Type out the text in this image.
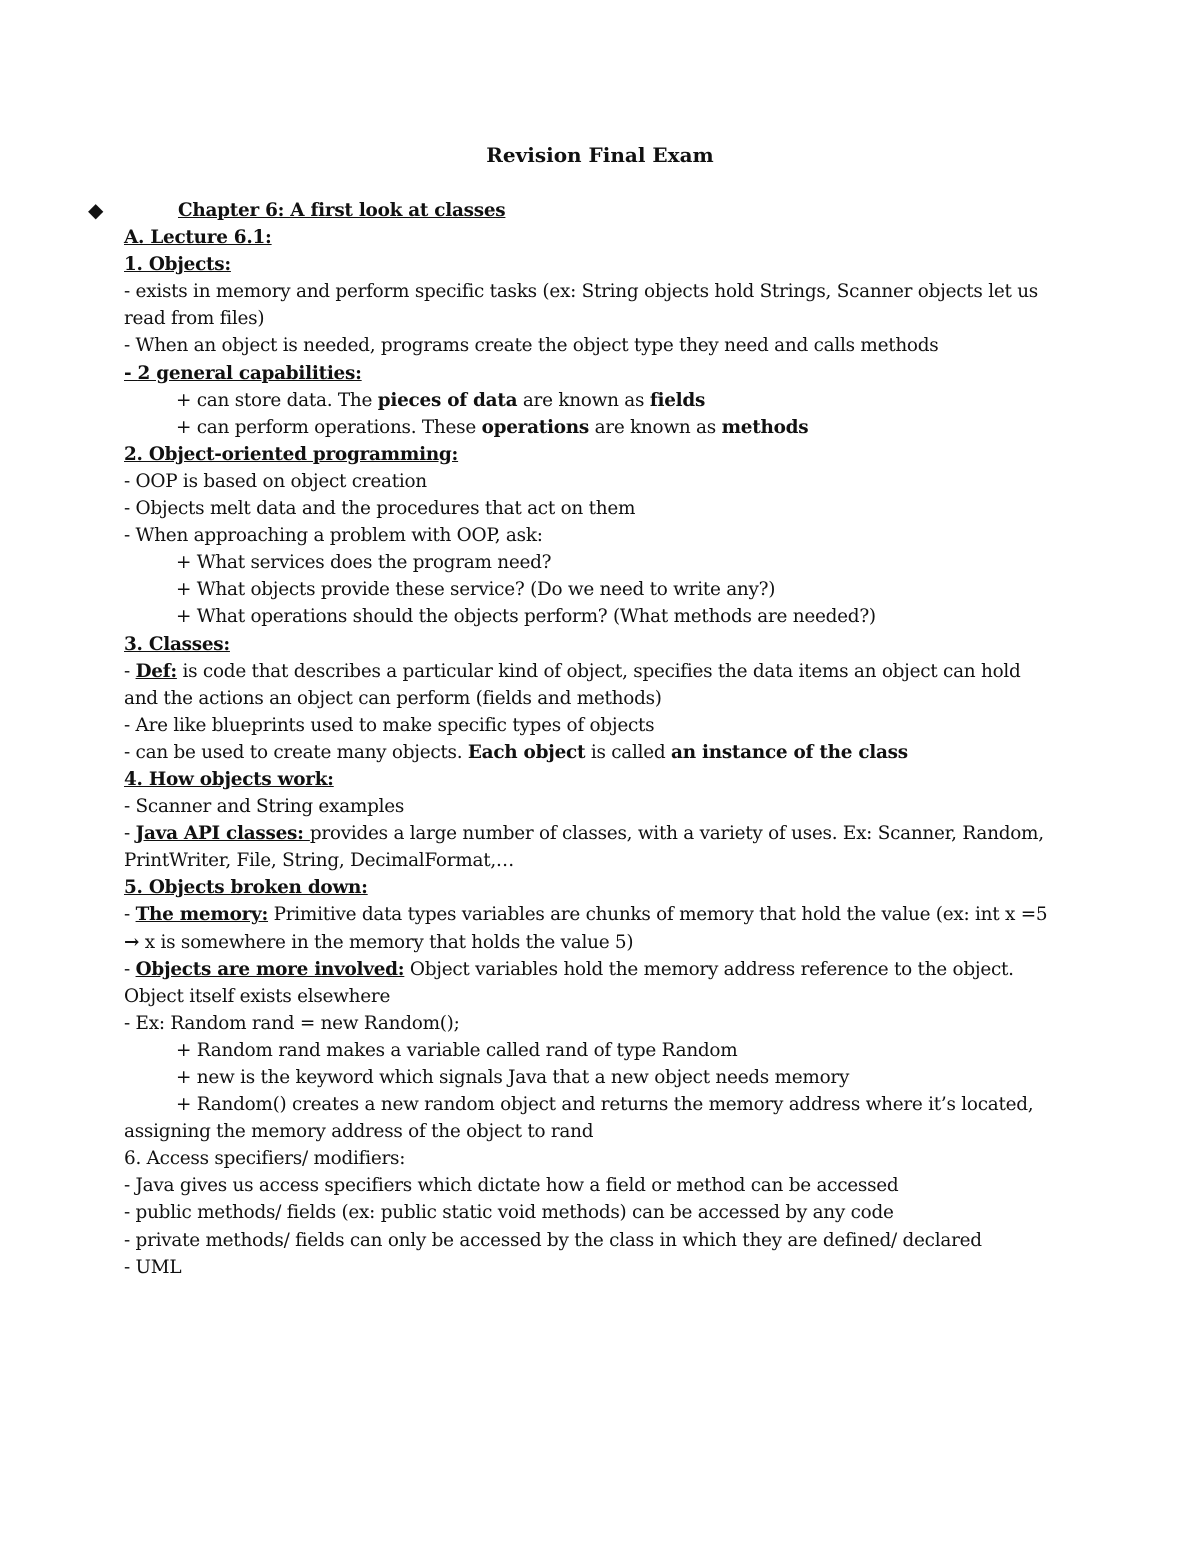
Revision Final Exam
◆	Chapter 6: A first look at classes

A. Lecture 6.1:

1. Objects:

- exists in memory and perform specific tasks (ex: String objects hold Strings, Scanner objects let us read from files)

- When an object is needed, programs create the object type they need and calls methods

- 2 general capabilities:

+ can store data. The pieces of data are known as fields

+ can perform operations. These operations are known as methods

2. Object-oriented programming:

- OOP is based on object creation

- Objects melt data and the procedures that act on them

- When approaching a problem with OOP, ask:

+ What services does the program need?

+ What objects provide these service? (Do we need to write any?)

+ What operations should the objects perform? (What methods are needed?)

3. Classes:

- Def: is code that describes a particular kind of object, specifies the data items an object can hold and the actions an object can perform (fields and methods)

- Are like blueprints used to make specific types of objects

- can be used to create many objects. Each object is called an instance of the class

4. How objects work:

- Scanner and String examples

- Java API classes: provides a large number of classes, with a variety of uses. Ex: Scanner, Random, PrintWriter, File, String, DecimalFormat,…

5. Objects broken down:

- The memory: Primitive data types variables are chunks of memory that hold the value (ex: int x =5 → x is somewhere in the memory that holds the value 5)

- Objects are more involved: Object variables hold the memory address reference to the object. Object itself exists elsewhere

- Ex: Random rand = new Random();

+ Random rand makes a variable called rand of type Random

+ new is the keyword which signals Java that a new object needs memory

+ Random() creates a new random object and returns the memory address where it’s located, assigning the memory address of the object to rand

6. Access specifiers/ modifiers:

- Java gives us access specifiers which dictate how a field or method can be accessed

- public methods/ fields (ex: public static void methods) can be accessed by any code

- private methods/ fields can only be accessed by the class in which they are defined/ declared

- UML
